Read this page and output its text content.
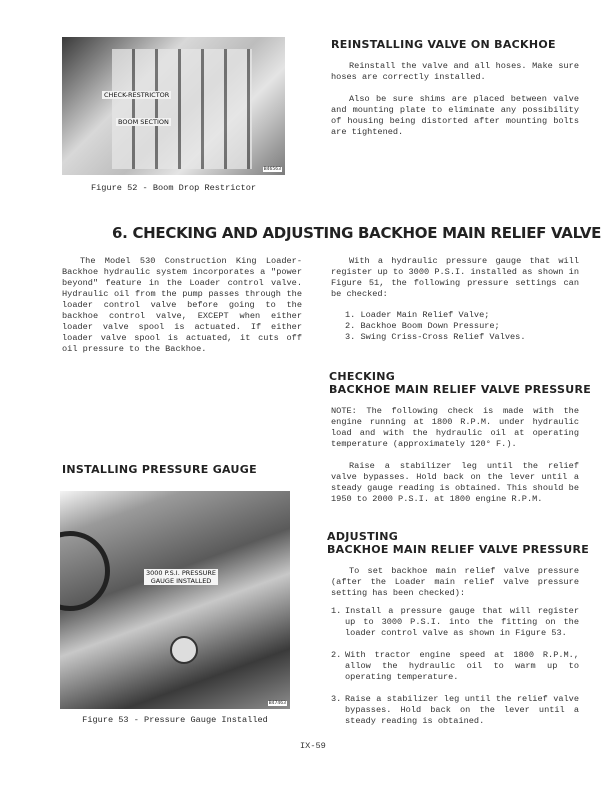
CHECK-RESTRICTOR
BOOM SECTION
B46563
Figure 52 - Boom Drop Restrictor
REINSTALLING VALVE ON BACKHOE
Reinstall the valve and all hoses. Make sure hoses are correctly installed.
Also be sure shims are placed between valve and mounting plate to eliminate any possibility of housing being distorted after mounting bolts are tightened.
6. CHECKING AND ADJUSTING BACKHOE MAIN RELIEF VALVE
The Model 530 Construction King Loader-Backhoe hydraulic system incorporates a "power beyond" feature in the Loader control valve. Hydraulic oil from the pump passes through the loader control valve before going to the backhoe control valve, EXCEPT when either loader valve spool is actuated. If either loader valve spool is actuated, it cuts off oil pressure to the Backhoe.
With a hydraulic pressure gauge that will register up to 3000 P.S.I. installed as shown in Figure 51, the following pressure settings can be checked:
1. Loader Main Relief Valve;
2. Backhoe Boom Down Pressure;
3. Swing Criss-Cross Relief Valves.
CHECKING
BACKHOE MAIN RELIEF VALVE PRESSURE
NOTE: The following check is made with the engine running at 1800 R.P.M. under hydraulic load and with the hydraulic oil at operating temperature (approximately 120° F.).
Raise a stabilizer leg until the relief valve bypasses. Hold back on the lever until a steady gauge reading is obtained. This should be 1950 to 2000 P.S.I. at 1800 engine R.P.M.
INSTALLING PRESSURE GAUGE
3000 P.S.I. PRESSURE
GAUGE INSTALLED
B47463
Figure 53 - Pressure Gauge Installed
ADJUSTING
BACKHOE MAIN RELIEF VALVE PRESSURE
To set backhoe main relief valve pressure (after the Loader main relief valve pressure setting has been checked):
1. Install a pressure gauge that will register up to 3000 P.S.I. into the fitting on the loader control valve as shown in Figure 53.
2. With tractor engine speed at 1800 R.P.M., allow the hydraulic oil to warm up to operating temperature.
3. Raise a stabilizer leg until the relief valve bypasses. Hold back on the lever until a steady reading is obtained.
IX-59
